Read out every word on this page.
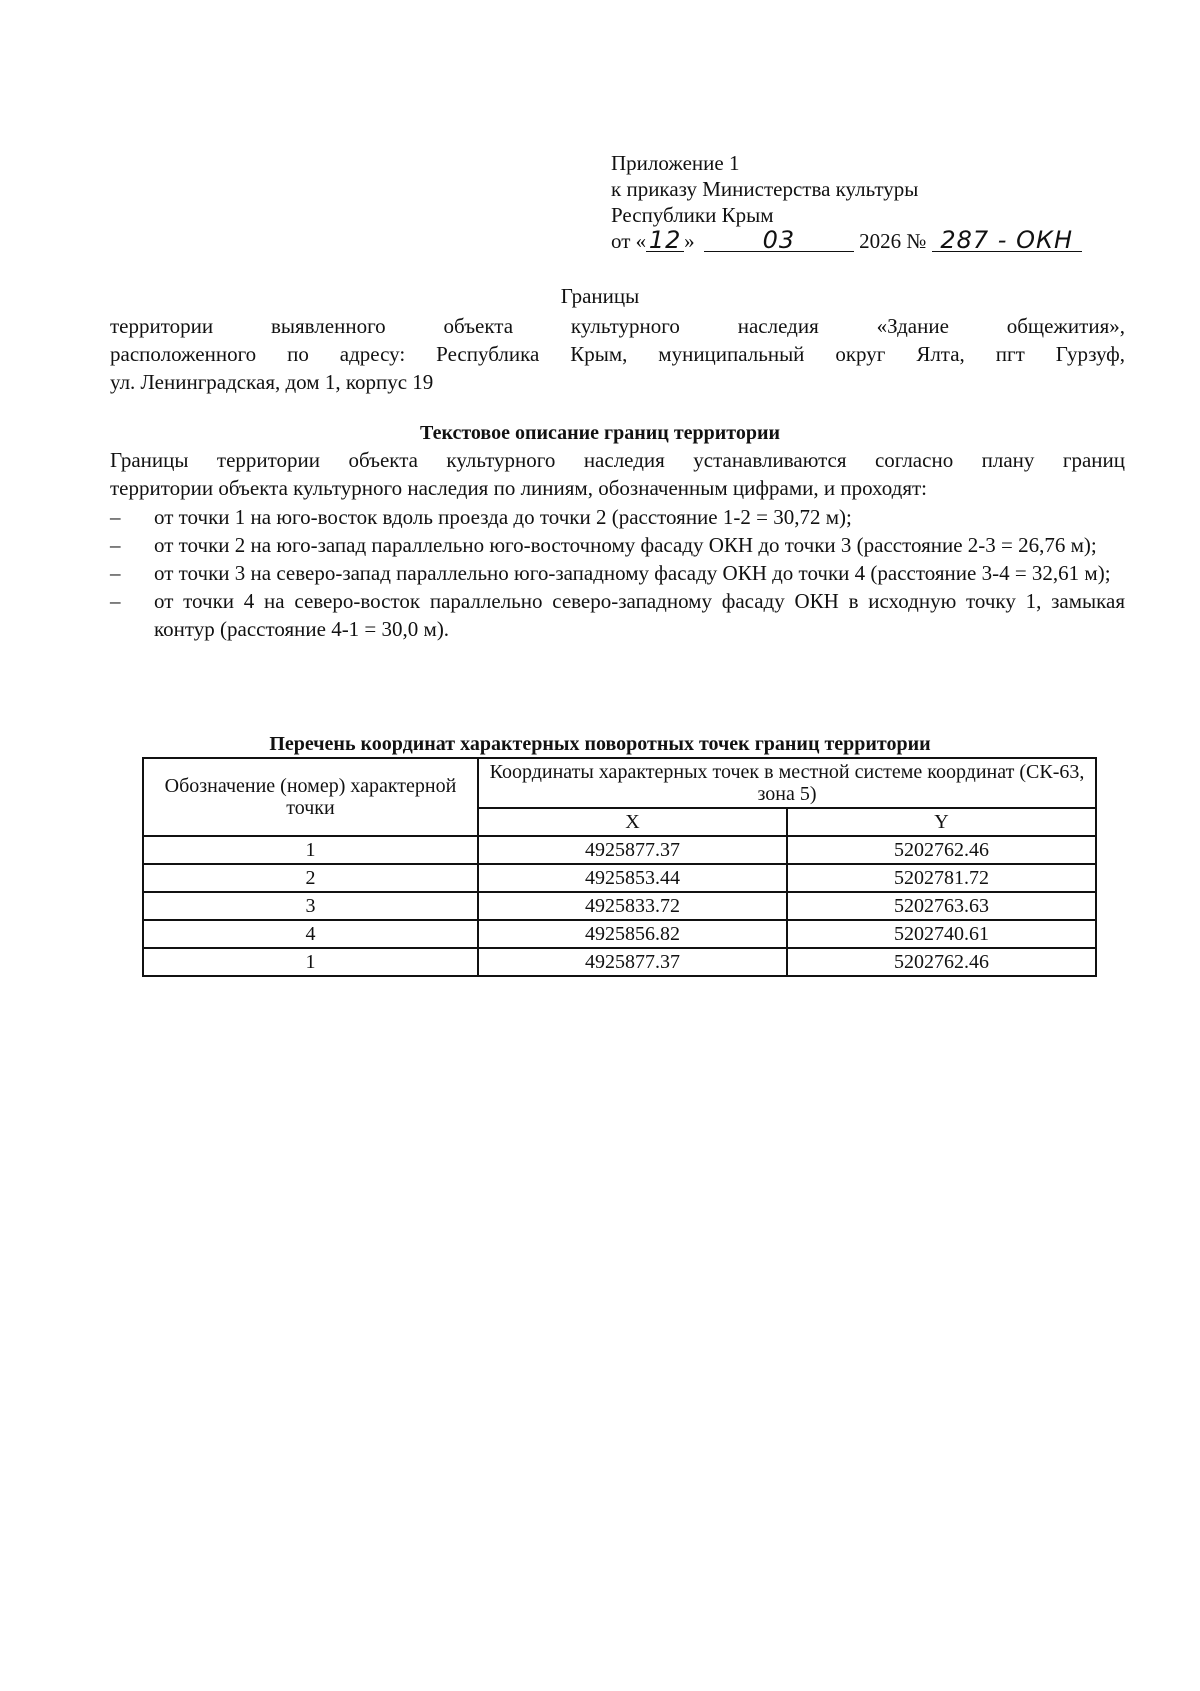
Приложение 1
к приказу Министерства культуры
Республики Крым
от « 12 »	03	2026 № 287 - ОКН
Границы
территории выявленного объекта культурного наследия «Здание общежития»,
расположенного по адресу: Республика Крым, муниципальный округ Ялта, пгт Гурзуф,
ул. Ленинградская, дом 1, корпус 19
Текстовое описание границ территории
Границы территории объекта культурного наследия устанавливаются согласно плану границ
территории объекта культурного наследия по линиям, обозначенным цифрами, и проходят:
– от точки 1 на юго-восток вдоль проезда до точки 2 (расстояние 1-2 = 30,72 м);
– от точки 2 на юго-запад параллельно юго-восточному фасаду ОКН до точки 3 (расстояние 2-3 = 26,76 м);
– от точки 3 на северо-запад параллельно юго-западному фасаду ОКН до точки 4 (расстояние 3-4 = 32,61 м);
– от точки 4 на северо-восток параллельно северо-западному фасаду ОКН в исходную точку 1, замыкая контур (расстояние 4-1 = 30,0 м).
Перечень координат характерных поворотных точек границ территории
Обозначение (номер) характерной точки	Координаты характерных точек в местной системе координат (СК-63, зона 5)	
	X	Y
1	4925877.37	5202762.46
2	4925853.44	5202781.72
3	4925833.72	5202763.63
4	4925856.82	5202740.61
1	4925877.37	5202762.46
